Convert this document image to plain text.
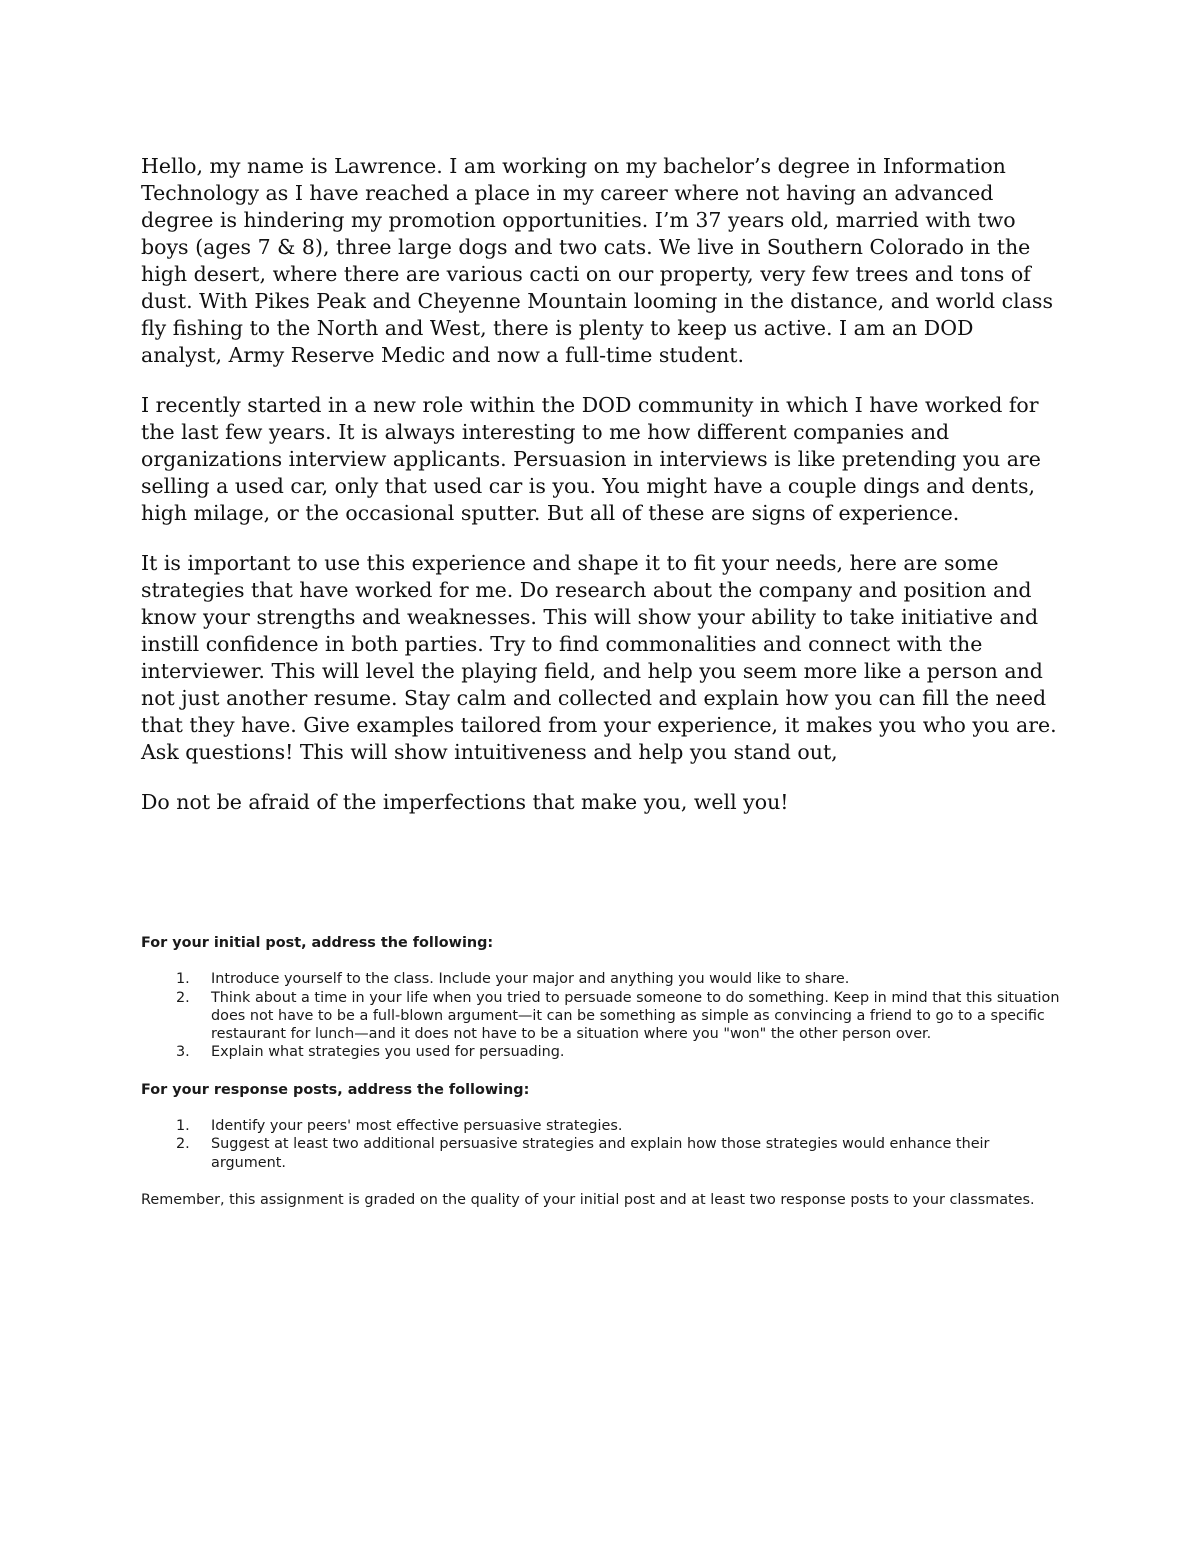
Hello, my name is Lawrence. I am working on my bachelor’s degree in Information Technology as I have reached a place in my career where not having an advanced degree is hindering my promotion opportunities. I’m 37 years old, married with two boys (ages 7 & 8), three large dogs and two cats. We live in Southern Colorado in the high desert, where there are various cacti on our property, very few trees and tons of dust. With Pikes Peak and Cheyenne Mountain looming in the distance, and world class fly fishing to the North and West, there is plenty to keep us active. I am an DOD analyst, Army Reserve Medic and now a full-time student.

I recently started in a new role within the DOD community in which I have worked for the last few years. It is always interesting to me how different companies and organizations interview applicants. Persuasion in interviews is like pretending you are selling a used car, only that used car is you. You might have a couple dings and dents, high milage, or the occasional sputter. But all of these are signs of experience.

It is important to use this experience and shape it to fit your needs, here are some strategies that have worked for me. Do research about the company and position and know your strengths and weaknesses. This will show your ability to take initiative and instill confidence in both parties. Try to find commonalities and connect with the interviewer. This will level the playing field, and help you seem more like a person and not just another resume. Stay calm and collected and explain how you can fill the need that they have. Give examples tailored from your experience, it makes you who you are. Ask questions! This will show intuitiveness and help you stand out,

Do not be afraid of the imperfections that make you, well you!

For your initial post, address the following:
1. Introduce yourself to the class. Include your major and anything you would like to share.
2. Think about a time in your life when you tried to persuade someone to do something. Keep in mind that this situation does not have to be a full-blown argument—it can be something as simple as convincing a friend to go to a specific restaurant for lunch—and it does not have to be a situation where you "won" the other person over.
3. Explain what strategies you used for persuading.
For your response posts, address the following:
1. Identify your peers' most effective persuasive strategies.
2. Suggest at least two additional persuasive strategies and explain how those strategies would enhance their argument.

Remember, this assignment is graded on the quality of your initial post and at least two response posts to your classmates.
